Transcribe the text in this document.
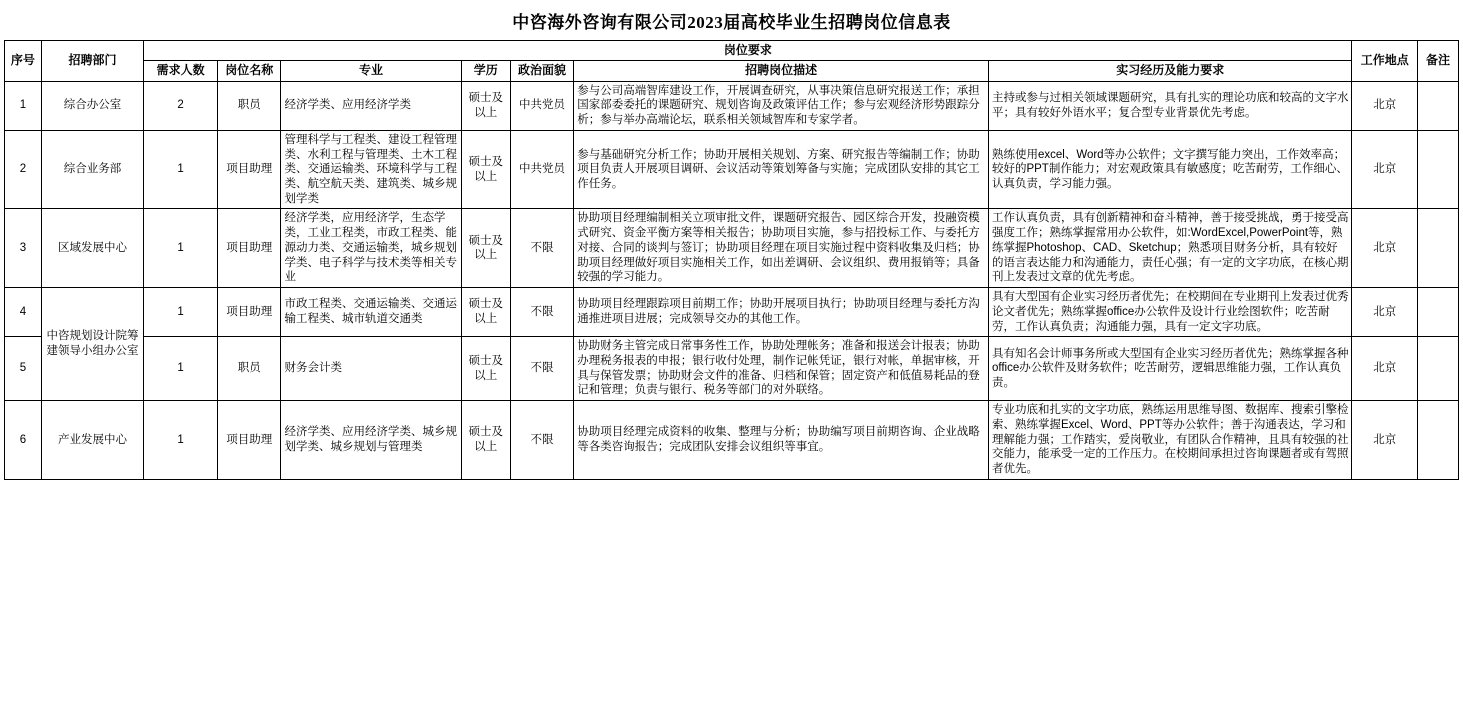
中咨海外咨询有限公司2023届高校毕业生招聘岗位信息表
序号	招聘部门	岗位要求							工作地点	备注
		需求人数	岗位名称	专业	学历	政治面貌	招聘岗位描述	实习经历及能力要求		
1	综合办公室	2	职员	经济学类、应用经济学类	硕士及以上	中共党员	参与公司高端智库建设工作，开展调查研究，从事决策信息研究报送工作；承担国家部委委托的课题研究、规划咨询及政策评估工作；参与宏观经济形势跟踪分析；参与举办高端论坛，联系相关领域智库和专家学者。	主持或参与过相关领域课题研究，具有扎实的理论功底和较高的文字水平；具有较好外语水平；复合型专业背景优先考虑。	北京	
2	综合业务部	1	项目助理	管理科学与工程类、建设工程管理类、水利工程与管理类、土木工程类、交通运输类、环境科学与工程类、航空航天类、建筑类、城乡规划学类	硕士及以上	中共党员	参与基础研究分析工作；协助开展相关规划、方案、研究报告等编制工作；协助项目负责人开展项目调研、会议活动等策划筹备与实施；完成团队安排的其它工作任务。	熟练使用excel、Word等办公软件；文字撰写能力突出，工作效率高；较好的PPT制作能力；对宏观政策具有敏感度；吃苦耐劳，工作细心、认真负责，学习能力强。	北京	
3	区域发展中心	1	项目助理	经济学类，应用经济学，生态学类，工业工程类，市政工程类、能源动力类、交通运输类，城乡规划学类、电子科学与技术类等相关专业	硕士及以上	不限	协助项目经理编制相关立项审批文件，课题研究报告、园区综合开发，投融资模式研究、资金平衡方案等相关报告；协助项目实施，参与招投标工作、与委托方对接、合同的谈判与签订；协助项目经理在项目实施过程中资料收集及归档；协助项目经理做好项目实施相关工作，如出差调研、会议组织、费用报销等；具备较强的学习能力。	工作认真负责，具有创新精神和奋斗精神，善于接受挑战，勇于接受高强度工作；熟练掌握常用办公软件，如:WordExcel,PowerPoint等，熟练掌握Photoshop、CAD、Sketchup；熟悉项目财务分析，具有较好的语言表达能力和沟通能力，责任心强；有一定的文字功底，在核心期刊上发表过文章的优先考虑。	北京	
4	中咨规划设计院筹建领导小组办公室	1	项目助理	市政工程类、交通运输类、交通运输工程类、城市轨道交通类	硕士及以上	不限	协助项目经理跟踪项目前期工作；协助开展项目执行；协助项目经理与委托方沟通推进项目进展；完成领导交办的其他工作。	具有大型国有企业实习经历者优先；在校期间在专业期刊上发表过优秀论文者优先；熟练掌握office办公软件及设计行业绘图软件；吃苦耐劳，工作认真负责；沟通能力强，具有一定文字功底。	北京	
5		1	职员	财务会计类	硕士及以上	不限	协助财务主管完成日常事务性工作，协助处理帐务；准备和报送会计报表；协助办理税务报表的申报；银行收付处理，制作记帐凭证，银行对帐，单据审核，开具与保管发票；协助财会文件的准备、归档和保管；固定资产和低值易耗品的登记和管理；负责与银行、税务等部门的对外联络。	具有知名会计师事务所或大型国有企业实习经历者优先；熟练掌握各种office办公软件及财务软件；吃苦耐劳，逻辑思维能力强，工作认真负责。	北京	
6	产业发展中心	1	项目助理	经济学类、应用经济学类、城乡规划学类、城乡规划与管理类	硕士及以上	不限	协助项目经理完成资料的收集、整理与分析；协助编写项目前期咨询、企业战略等各类咨询报告；完成团队安排会议组织等事宜。	专业功底和扎实的文字功底，熟练运用思维导图、数据库、搜索引擎检索、熟练掌握Excel、Word、PPT等办公软件；善于沟通表达，学习和理解能力强；工作踏实，爱岗敬业，有团队合作精神，且具有较强的社交能力，能承受一定的工作压力。在校期间承担过咨询课题者或有驾照者优先。	北京	
